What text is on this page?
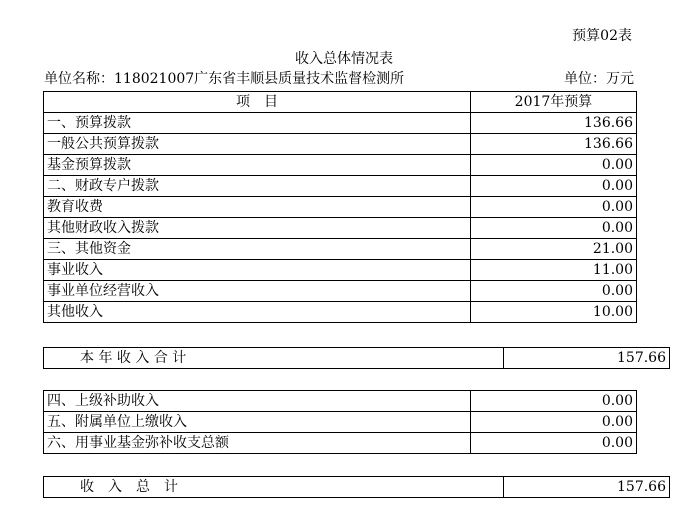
预算02表
收入总体情况表
单位名称：118021007广东省丰顺县质量技术监督检测所	单位：万元
项　目	2017年预算
一、预算拨款	136.66
一般公共预算拨款	136.66
基金预算拨款	0.00
二、财政专户拨款	0.00
教育收费	0.00
其他财政收入拨款	0.00
三、其他资金	21.00
事业收入	11.00
事业单位经营收入	0.00
其他收入	10.00
本 年 收 入 合 计	157.66
四、上级补助收入	0.00
五、附属单位上缴收入	0.00
六、用事业基金弥补收支总额	0.00
收　入　总　计	157.66
